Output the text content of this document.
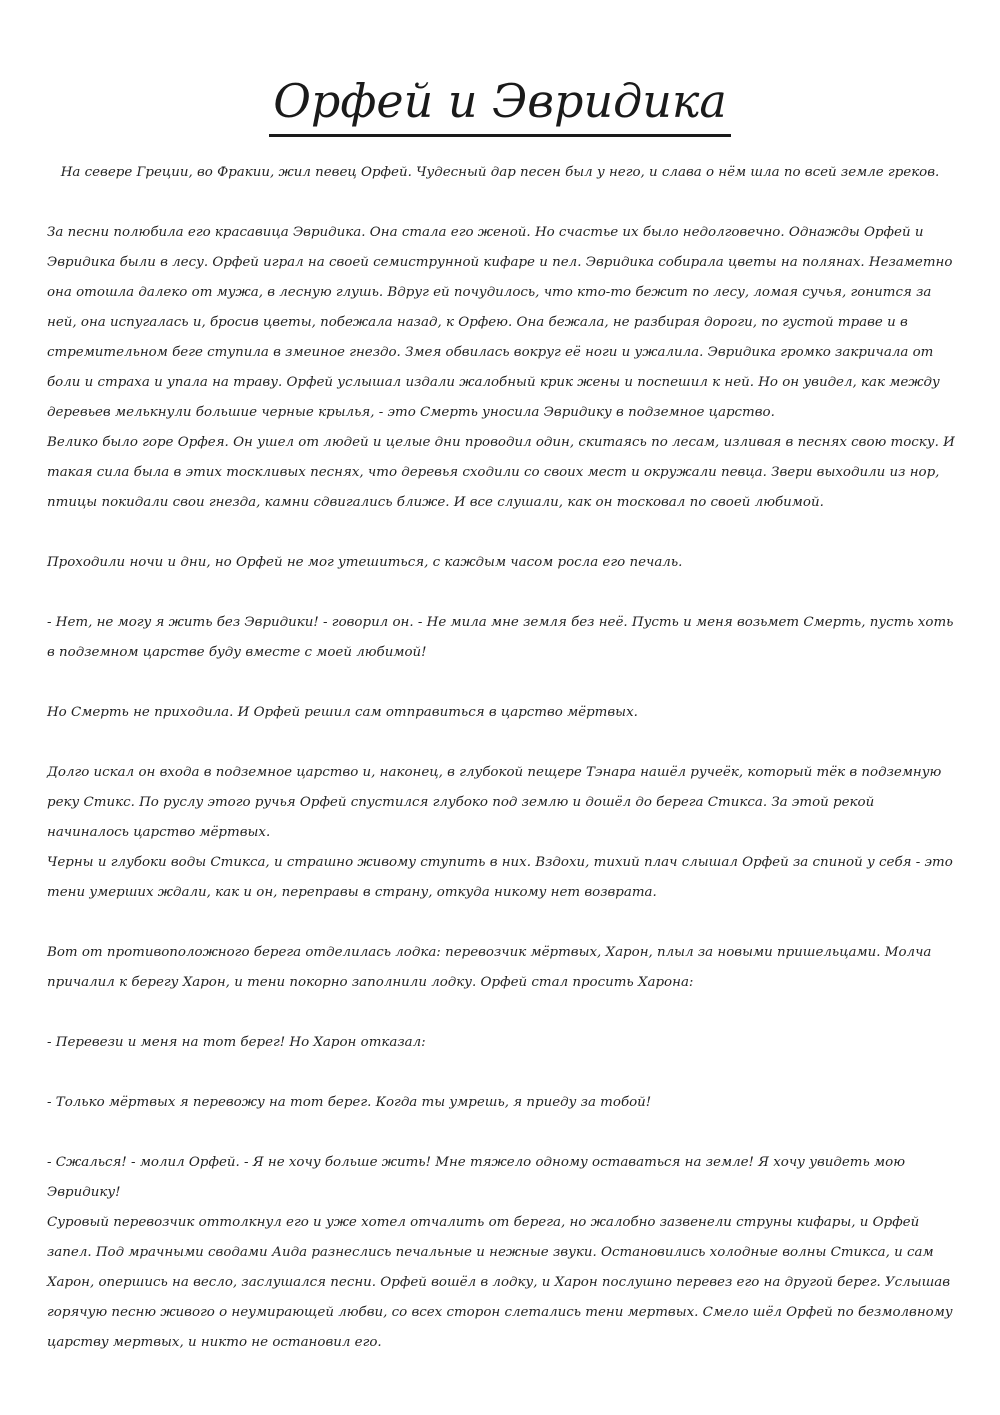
Орфей и Эвридика

На севере Греции, во Фракии, жил певец Орфей. Чудесный дар песен был у него, и слава о нём шла по всей земле греков.

За песни полюбила его красавица Эвридика. Она стала его женой. Но счастье их было недолговечно. Однажды Орфей и Эвридика были в лесу. Орфей играл на своей семиструнной кифаре и пел. Эвридика собирала цветы на полянах. Незаметно она отошла далеко от мужа, в лесную глушь. Вдруг ей почудилось, что кто-то бежит по лесу, ломая сучья, гонится за ней, она испугалась и, бросив цветы, побежала назад, к Орфею. Она бежала, не разбирая дороги, по густой траве и в стремительном беге ступила в змеиное гнездо. Змея обвилась вокруг её ноги и ужалила. Эвридика громко закричала от боли и страха и упала на траву. Орфей услышал издали жалобный крик жены и поспешил к ней. Но он увидел, как между деревьев мелькнули большие черные крылья, - это Смерть уносила Эвридику в подземное царство.

Велико было горе Орфея. Он ушел от людей и целые дни проводил один, скитаясь по лесам, изливая в песнях свою тоску. И такая сила была в этих тоскливых песнях, что деревья сходили со своих мест и окружали певца. Звери выходили из нор, птицы покидали свои гнезда, камни сдвигались ближе. И все слушали, как он тосковал по своей любимой.

Проходили ночи и дни, но Орфей не мог утешиться, с каждым часом росла его печаль.

- Нет, не могу я жить без Эвридики! - говорил он. - Не мила мне земля без неё. Пусть и меня возьмет Смерть, пусть хоть в подземном царстве буду вместе с моей любимой!

Но Смерть не приходила. И Орфей решил сам отправиться в царство мёртвых.

Долго искал он входа в подземное царство и, наконец, в глубокой пещере Тэнара нашёл ручеёк, который тёк в подземную реку Стикс. По руслу этого ручья Орфей спустился глубоко под землю и дошёл до берега Стикса. За этой рекой начиналось царство мёртвых.

Черны и глубоки воды Стикса, и страшно живому ступить в них. Вздохи, тихий плач слышал Орфей за спиной у себя - это тени умерших ждали, как и он, переправы в страну, откуда никому нет возврата.

Вот от противоположного берега отделилась лодка: перевозчик мёртвых, Харон, плыл за новыми пришельцами. Молча причалил к берегу Харон, и тени покорно заполнили лодку. Орфей стал просить Харона:

- Перевези и меня на тот берег! Но Харон отказал:

- Только мёртвых я перевожу на тот берег. Когда ты умрешь, я приеду за тобой!

- Сжалься! - молил Орфей. - Я не хочу больше жить! Мне тяжело одному оставаться на земле! Я хочу увидеть мою Эвридику!

Суровый перевозчик оттолкнул его и уже хотел отчалить от берега, но жалобно зазвенели струны кифары, и Орфей запел. Под мрачными сводами Аида разнеслись печальные и нежные звуки. Остановились холодные волны Стикса, и сам Харон, опершись на весло, заслушался песни. Орфей вошёл в лодку, и Харон послушно перевез его на другой берег. Услышав горячую песню живого о неумирающей любви, со всех сторон слетались тени мертвых. Смело шёл Орфей по безмолвному царству мертвых, и никто не остановил его.
